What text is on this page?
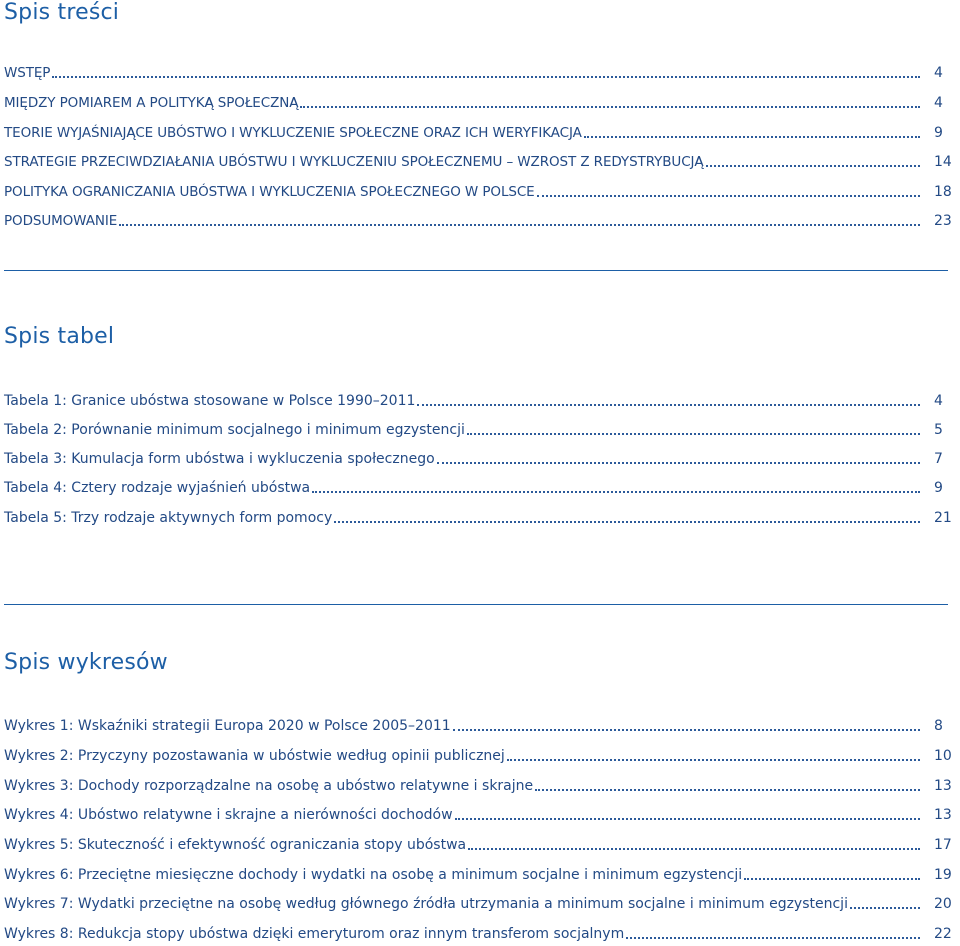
Spis treści
WSTĘP	4
MIĘDZY POMIAREM A POLITYKĄ SPOŁECZNĄ	4
TEORIE WYJAŚNIAJĄCE UBÓSTWO I WYKLUCZENIE SPOŁECZNE ORAZ ICH WERYFIKACJA	9
STRATEGIE PRZECIWDZIAŁANIA UBÓSTWU I WYKLUCZENIU SPOŁECZNEMU – WZROST Z REDYSTRYBUCJĄ	14
POLITYKA OGRANICZANIA UBÓSTWA I WYKLUCZENIA SPOŁECZNEGO W POLSCE	18
PODSUMOWANIE	23
Spis tabel
Tabela 1: Granice ubóstwa stosowane w Polsce 1990–2011	4
Tabela 2: Porównanie minimum socjalnego i minimum egzystencji	5
Tabela 3: Kumulacja form ubóstwa i wykluczenia społecznego	7
Tabela 4: Cztery rodzaje wyjaśnień ubóstwa	9
Tabela 5: Trzy rodzaje aktywnych form pomocy	21
Spis wykresów
Wykres 1: Wskaźniki strategii Europa 2020 w Polsce 2005–2011	8
Wykres 2: Przyczyny pozostawania w ubóstwie według opinii publicznej	10
Wykres 3: Dochody rozporządzalne na osobę a ubóstwo relatywne i skrajne	13
Wykres 4: Ubóstwo relatywne i skrajne a nierówności dochodów	13
Wykres 5: Skuteczność i efektywność ograniczania stopy ubóstwa	17
Wykres 6: Przeciętne miesięczne dochody i wydatki na osobę a minimum socjalne i minimum egzystencji	19
Wykres 7: Wydatki przeciętne na osobę według głównego źródła utrzymania a minimum socjalne i minimum egzystencji	20
Wykres 8: Redukcja stopy ubóstwa dzięki emeryturom oraz innym transferom socjalnym	22
